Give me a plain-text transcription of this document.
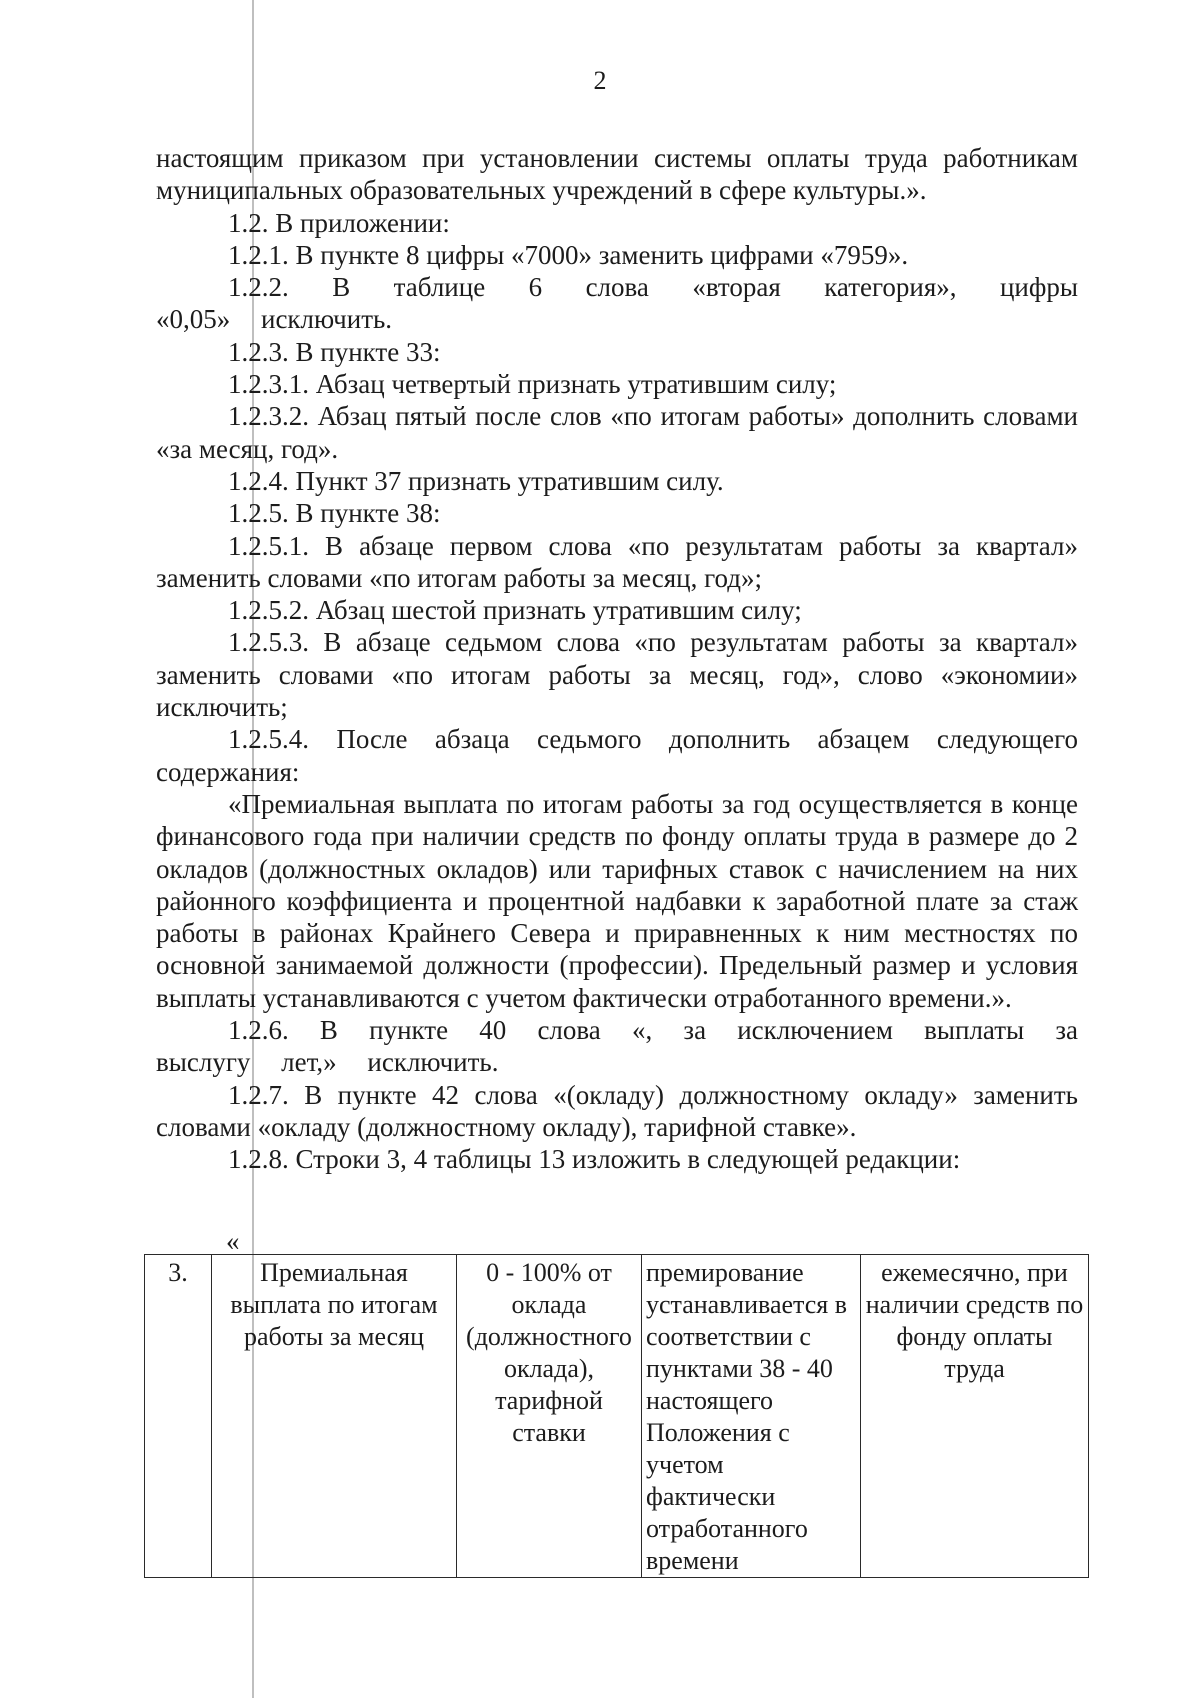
2

настоящим приказом при установлении системы оплаты труда работникам муниципальных образовательных учреждений в сфере культуры.».

1.2. В приложении:

1.2.1. В пункте 8 цифры «7000» заменить цифрами «7959».

1.2.2. В таблице 6 слова «вторая категория», цифры «0,05» исключить.

1.2.3. В пункте 33:

1.2.3.1. Абзац четвертый признать утратившим силу;

1.2.3.2. Абзац пятый после слов «по итогам работы» дополнить словами «за месяц, год».

1.2.4. Пункт 37 признать утратившим силу.

1.2.5. В пункте 38:

1.2.5.1. В абзаце первом слова «по результатам работы за квартал» заменить словами «по итогам работы за месяц, год»;

1.2.5.2. Абзац шестой признать утратившим силу;

1.2.5.3. В абзаце седьмом слова «по результатам работы за квартал» заменить словами «по итогам работы за месяц, год», слово «экономии» исключить;

1.2.5.4. После абзаца седьмого дополнить абзацем следующего содержания:

«Премиальная выплата по итогам работы за год осуществляется в конце финансового года при наличии средств по фонду оплаты труда в размере до 2 окладов (должностных окладов) или тарифных ставок с начислением на них районного коэффициента и процентной надбавки к заработной плате за стаж работы в районах Крайнего Севера и приравненных к ним местностях по основной занимаемой должности (профессии). Предельный размер и условия выплаты устанавливаются с учетом фактически отработанного времени.».

1.2.6. В пункте 40 слова «, за исключением выплаты за выслугу лет,» исключить.

1.2.7. В пункте 42 слова «(окладу) должностному окладу» заменить словами «окладу (должностному окладу), тарифной ставке».

1.2.8. Строки 3, 4 таблицы 13 изложить в следующей редакции:

«
3.	Премиальная выплата по итогам работы за месяц	0 - 100% от оклада (должностного оклада), тарифной ставки	премирование устанавливается в соответствии с пунктами 38 - 40 настоящего Положения с учетом фактически отработанного времени	ежемесячно, при наличии средств по фонду оплаты труда
